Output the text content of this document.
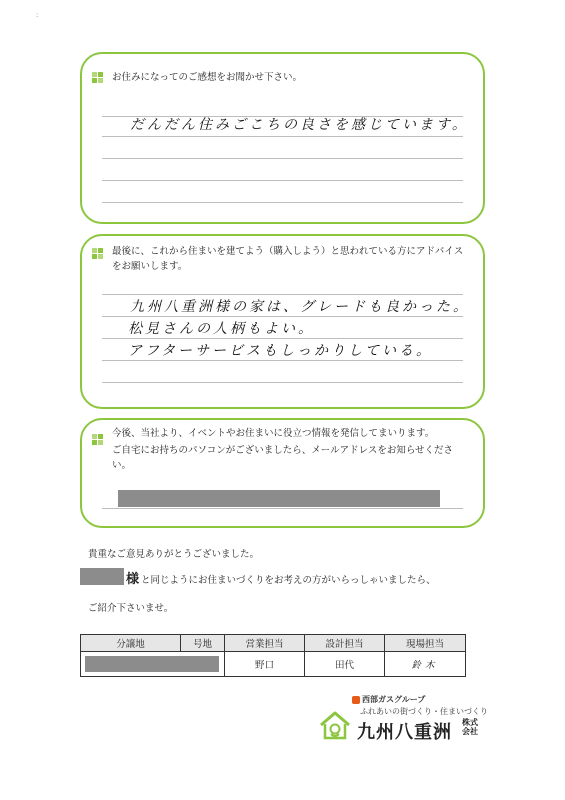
:
お住みになってのご感想をお聞かせ下さい。
だんだん住みごこちの良さを感じています。
最後に、これから住まいを建てよう（購入しよう）と思われている方にアドバイスをお願いします。
九州八重洲様の家は、グレードも良かった。
松見さんの人柄もよい。
アフターサービスもしっかりしている。
今後、当社より、イベントやお住まいに役立つ情報を発信してまいります。
ご自宅にお持ちのパソコンがございましたら、メールアドレスをお知らせください。
貴重なご意見ありがとうございました。
様 と同じようにお住まいづくりをお考えの方がいらっしゃいましたら、
ご紹介下さいませ。
分譲地	号地	営業担当	設計担当	現場担当

		野口	田代	鈴木
西部ガスグループ
ふれあいの街づくり・住まいづくり
九州八重洲 株式会社
